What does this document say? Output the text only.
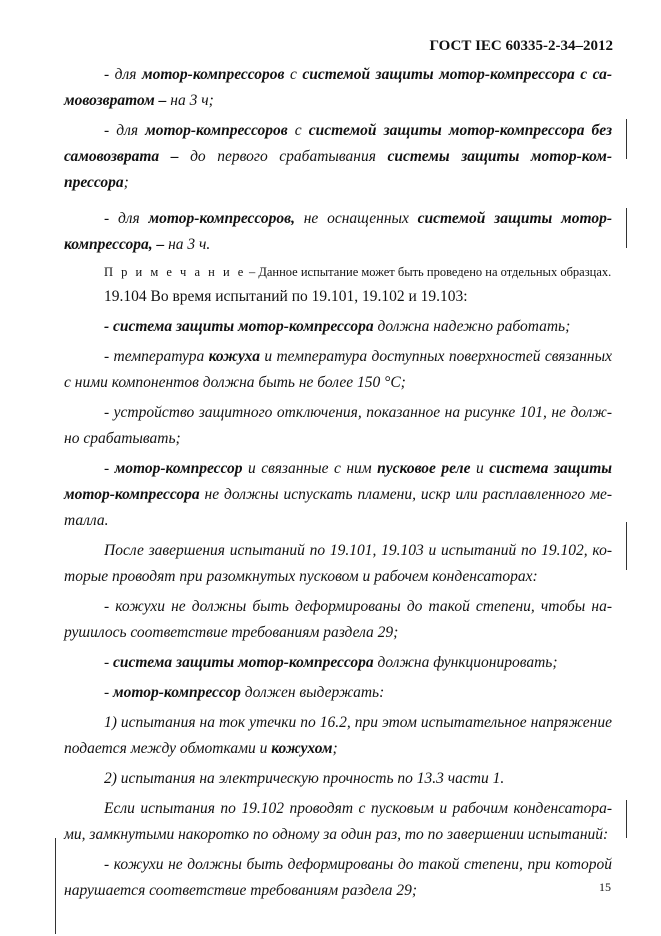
ГОСТ IEC 60335-2-34–2012

- для мотор-компрессоров с системой защиты мотор-компрессора с са-мовозвратом – на 3 ч;

- для мотор-компрессоров с системой защиты мотор-компрессора без самовозврата – до первого срабатывания системы защиты мотор-ком-прессора;

- для мотор-компрессоров, не оснащенных системой защиты мотор-компрессора, – на 3 ч.

П р и м е ч а н и е – Данное испытание может быть проведено на отдельных образцах.

19.104 Во время испытаний по 19.101, 19.102 и 19.103:

- система защиты мотор-компрессора должна надежно работать;

- температура кожуха и температура доступных поверхностей связанных с ними компонентов должна быть не более 150 °С;

- устройство защитного отключения, показанное на рисунке 101, не долж-но срабатывать;

- мотор-компрессор и связанные с ним пусковое реле и система защиты мотор-компрессора не должны испускать пламени, искр или расплавленного ме-талла.

После завершения испытаний по 19.101, 19.103 и испытаний по 19.102, ко-торые проводят при разомкнутых пусковом и рабочем конденсаторах:

- кожухи не должны быть деформированы до такой степени, чтобы на-рушилось соответствие требованиям раздела 29;

- система защиты мотор-компрессора должна функционировать;

- мотор-компрессор должен выдержать:

1) испытания на ток утечки по 16.2, при этом испытательное напряжение подается между обмотками и кожухом;

2) испытания на электрическую прочность по 13.3 части 1.

Если испытания по 19.102 проводят с пусковым и рабочим конденсатора-ми, замкнутыми накоротко по одному за один раз, то по завершении испытаний:

- кожухи не должны быть деформированы до такой степени, при которой нарушается соответствие требованиям раздела 29;	15
